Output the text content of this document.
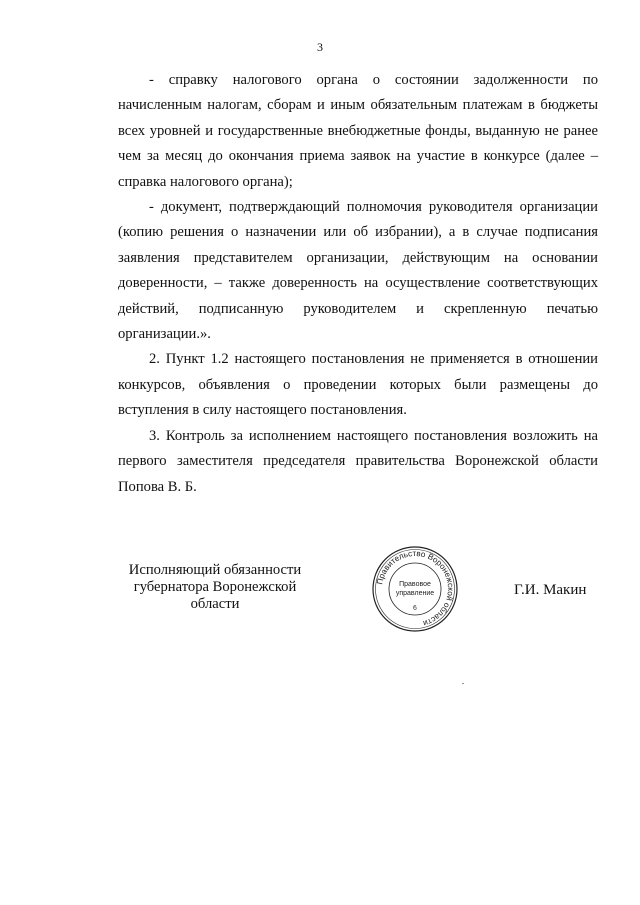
3

- справку налогового органа о состоянии задолженности по начисленным налогам, сборам и иным обязательным платежам в бюджеты всех уровней и государственные внебюджетные фонды, выданную не ранее чем за месяц до окончания приема заявок на участие в конкурсе (далее – справка налогового органа);

- документ, подтверждающий полномочия руководителя организации (копию решения о назначении или об избрании), а в случае подписания заявления представителем организации, действующим на основании доверенности, – также доверенность на осуществление соответствующих действий, подписанную руководителем и скрепленную печатью организации.».

2. Пункт 1.2 настоящего постановления не применяется в отношении конкурсов, объявления о проведении которых были размещены до вступления в силу настоящего постановления.

3. Контроль за исполнением настоящего постановления возложить на первого заместителя председателя правительства Воронежской области Попова В. Б.

Исполняющий обязанности
губернатора Воронежской области
Правительство Воронежской области
Правовое
управление
б
Г.И. Макин
